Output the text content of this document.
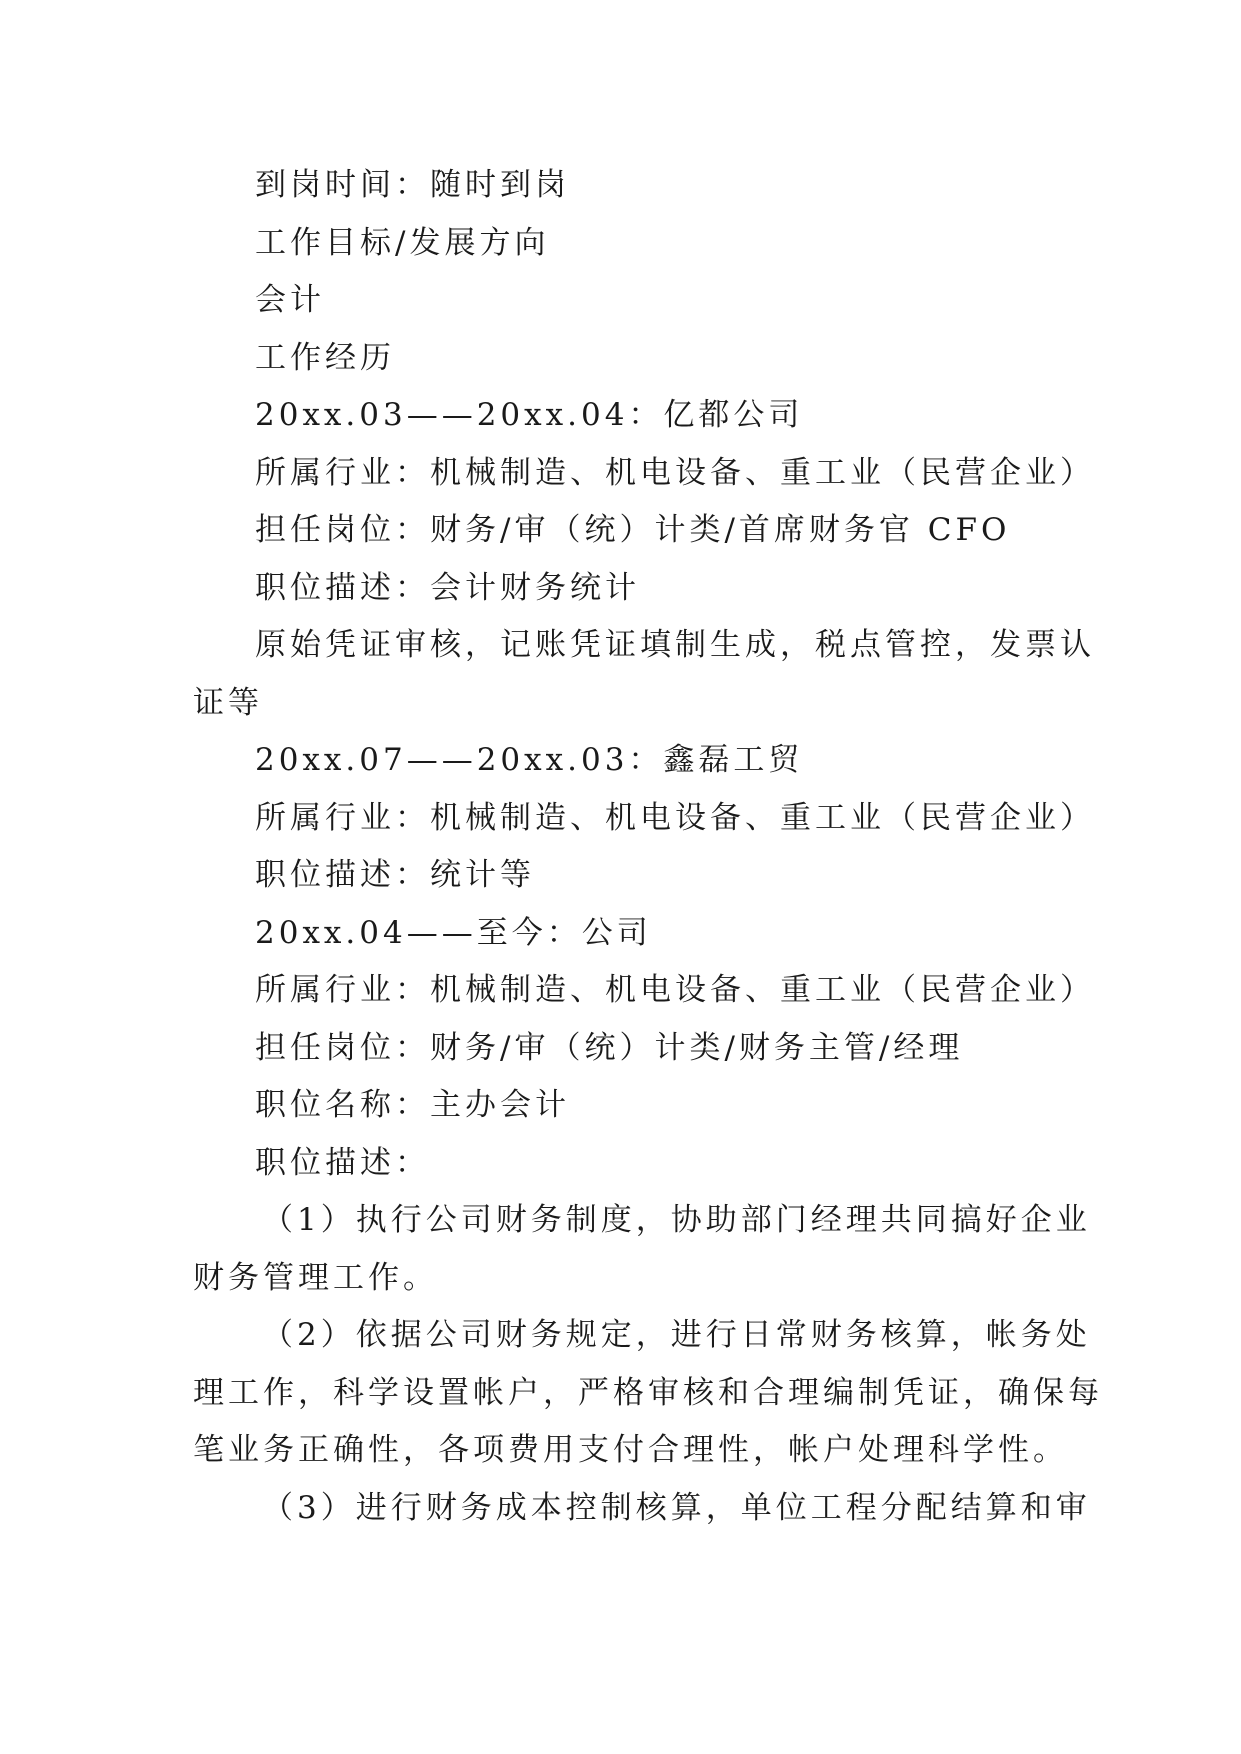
到岗时间：随时到岗
工作目标/发展方向
会计
工作经历
20xx.03——20xx.04：亿都公司
所属行业：机械制造、机电设备、重工业（民营企业）
担任岗位：财务/审（统）计类/首席财务官 CFO
职位描述：会计财务统计
原始凭证审核，记账凭证填制生成，税点管控，发票认
证等
20xx.07——20xx.03：鑫磊工贸
所属行业：机械制造、机电设备、重工业（民营企业）
职位描述：统计等
20xx.04——至今：公司
所属行业：机械制造、机电设备、重工业（民营企业）
担任岗位：财务/审（统）计类/财务主管/经理
职位名称：主办会计
职位描述：
（1）执行公司财务制度，协助部门经理共同搞好企业
财务管理工作。
（2）依据公司财务规定，进行日常财务核算，帐务处
理工作，科学设置帐户，严格审核和合理编制凭证，确保每
笔业务正确性，各项费用支付合理性，帐户处理科学性。
（3）进行财务成本控制核算，单位工程分配结算和审
